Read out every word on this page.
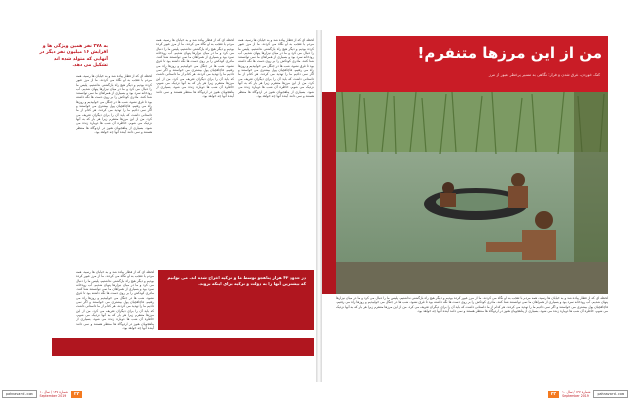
به ۲۷۸ نفر همین ویژگی ها و افزایش ۱۶ میلیون نفر دیگر در آنهایی که متولد شده اند تشکیل می دهد.
لحظه ای که از قطار پیاده شد و به خیابان ها رسید، همه مردم با تعجب به او نگاه می کردند. ما از مرز عبور کرده بودیم و دیگر هیچ راه بازگشتی نداشتیم. پلیس ما را دنبال می کرد و ما در میان نیزارها پنهان شدیم. آب رودخانه سرد بود و بسیاری از همراهان ما نمی توانستند شنا کنند. مادری کودکش را بر روی دست ها نگه داشته بود تا غرق نشود. شب ها در جنگل می خوابیدیم و روزها راه می رفتیم. قاچاقچیان پول بیشتری می خواستند و اگر نمی دادیم ما را تهدید می کردند. هر کدام از ما داستانی داشت که باید آن را برای دیگران تعریف می کرد. من از این مرزها متنفرم زیرا هر بار که به آنها نزدیک می شوم، خاطره آن شب ها دوباره زنده می شود. بسیاری از پناهجویان هنوز در اردوگاه ها منتظر هستند و نمی دانند آینده آنها چه خواهد بود.
لحظه ای که از قطار پیاده شد و به خیابان ها رسید، همه مردم با تعجب به او نگاه می کردند. ما از مرز عبور کرده بودیم و دیگر هیچ راه بازگشتی نداشتیم. پلیس ما را دنبال می کرد و ما در میان نیزارها پنهان شدیم. آب رودخانه سرد بود و بسیاری از همراهان ما نمی توانستند شنا کنند. مادری کودکش را بر روی دست ها نگه داشته بود تا غرق نشود. شب ها در جنگل می خوابیدیم و روزها راه می رفتیم. قاچاقچیان پول بیشتری می خواستند و اگر نمی دادیم ما را تهدید می کردند. هر کدام از ما داستانی داشت که باید آن را برای دیگران تعریف می کرد. من از این مرزها متنفرم زیرا هر بار که به آنها نزدیک می شوم، خاطره آن شب ها دوباره زنده می شود. بسیاری از پناهجویان هنوز در اردوگاه ها منتظر هستند و نمی دانند آینده آنها چه خواهد بود.
لحظه ای که از قطار پیاده شد و به خیابان ها رسید، همه مردم با تعجب به او نگاه می کردند. ما از مرز عبور کرده بودیم و دیگر هیچ راه بازگشتی نداشتیم. پلیس ما را دنبال می کرد و ما در میان نیزارها پنهان شدیم. آب رودخانه سرد بود و بسیاری از همراهان ما نمی توانستند شنا کنند. مادری کودکش را بر روی دست ها نگه داشته بود تا غرق نشود. شب ها در جنگل می خوابیدیم و روزها راه می رفتیم. قاچاقچیان پول بیشتری می خواستند و اگر نمی دادیم ما را تهدید می کردند. هر کدام از ما داستانی داشت که باید آن را برای دیگران تعریف می کرد. من از این مرزها متنفرم زیرا هر بار که به آنها نزدیک می شوم، خاطره آن شب ها دوباره زنده می شود. بسیاری از پناهجویان هنوز در اردوگاه ها منتظر هستند و نمی دانند آینده آنها چه خواهد بود.
در حدود ۴۳ هزار پناهجو توسط ما و ترکیه اخراج شده اند. می توانیم که بیشترین آنها را به دولت و ترکیه برای اینکه بروند.
لحظه ای که از قطار پیاده شد و به خیابان ها رسید، همه مردم با تعجب به او نگاه می کردند. ما از مرز عبور کرده بودیم و دیگر هیچ راه بازگشتی نداشتیم. پلیس ما را دنبال می کرد و ما در میان نیزارها پنهان شدیم. آب رودخانه سرد بود و بسیاری از همراهان ما نمی توانستند شنا کنند. مادری کودکش را بر روی دست ها نگه داشته بود تا غرق نشود. شب ها در جنگل می خوابیدیم و روزها راه می رفتیم. قاچاقچیان پول بیشتری می خواستند و اگر نمی دادیم ما را تهدید می کردند. هر کدام از ما داستانی داشت که باید آن را برای دیگران تعریف می کرد. من از این مرزها متنفرم زیرا هر بار که به آنها نزدیک می شوم، خاطره آن شب ها دوباره زنده می شود. بسیاری از پناهجویان هنوز در اردوگاه ها منتظر هستند و نمی دانند آینده آنها چه خواهد بود.
من از این مرزها متنفرم!
کتک خوردن، غرق شدن و فرار: نگاهی به مسیر پرخطر عبور از مرز
لحظه ای که از قطار پیاده شد و به خیابان ها رسید، همه مردم با تعجب به او نگاه می کردند. ما از مرز عبور کرده بودیم و دیگر هیچ راه بازگشتی نداشتیم. پلیس ما را دنبال می کرد و ما در میان نیزارها پنهان شدیم. آب رودخانه سرد بود و بسیاری از همراهان ما نمی توانستند شنا کنند. مادری کودکش را بر روی دست ها نگه داشته بود تا غرق نشود. شب ها در جنگل می خوابیدیم و روزها راه می رفتیم. قاچاقچیان پول بیشتری می خواستند و اگر نمی دادیم ما را تهدید می کردند. هر کدام از ما داستانی داشت که باید آن را برای دیگران تعریف می کرد. من از این مرزها متنفرم زیرا هر بار که به آنها نزدیک می شوم، خاطره آن شب ها دوباره زنده می شود. بسیاری از پناهجویان هنوز در اردوگاه ها منتظر هستند و نمی دانند آینده آنها چه خواهد بود.
pahnavard.com	شماره ۱۴۷ / سال ۱۰
September 2019	۲۲	pahnavard.com
شماره ۱۴۷ / سال ۱۰
September 2019
۲۳
